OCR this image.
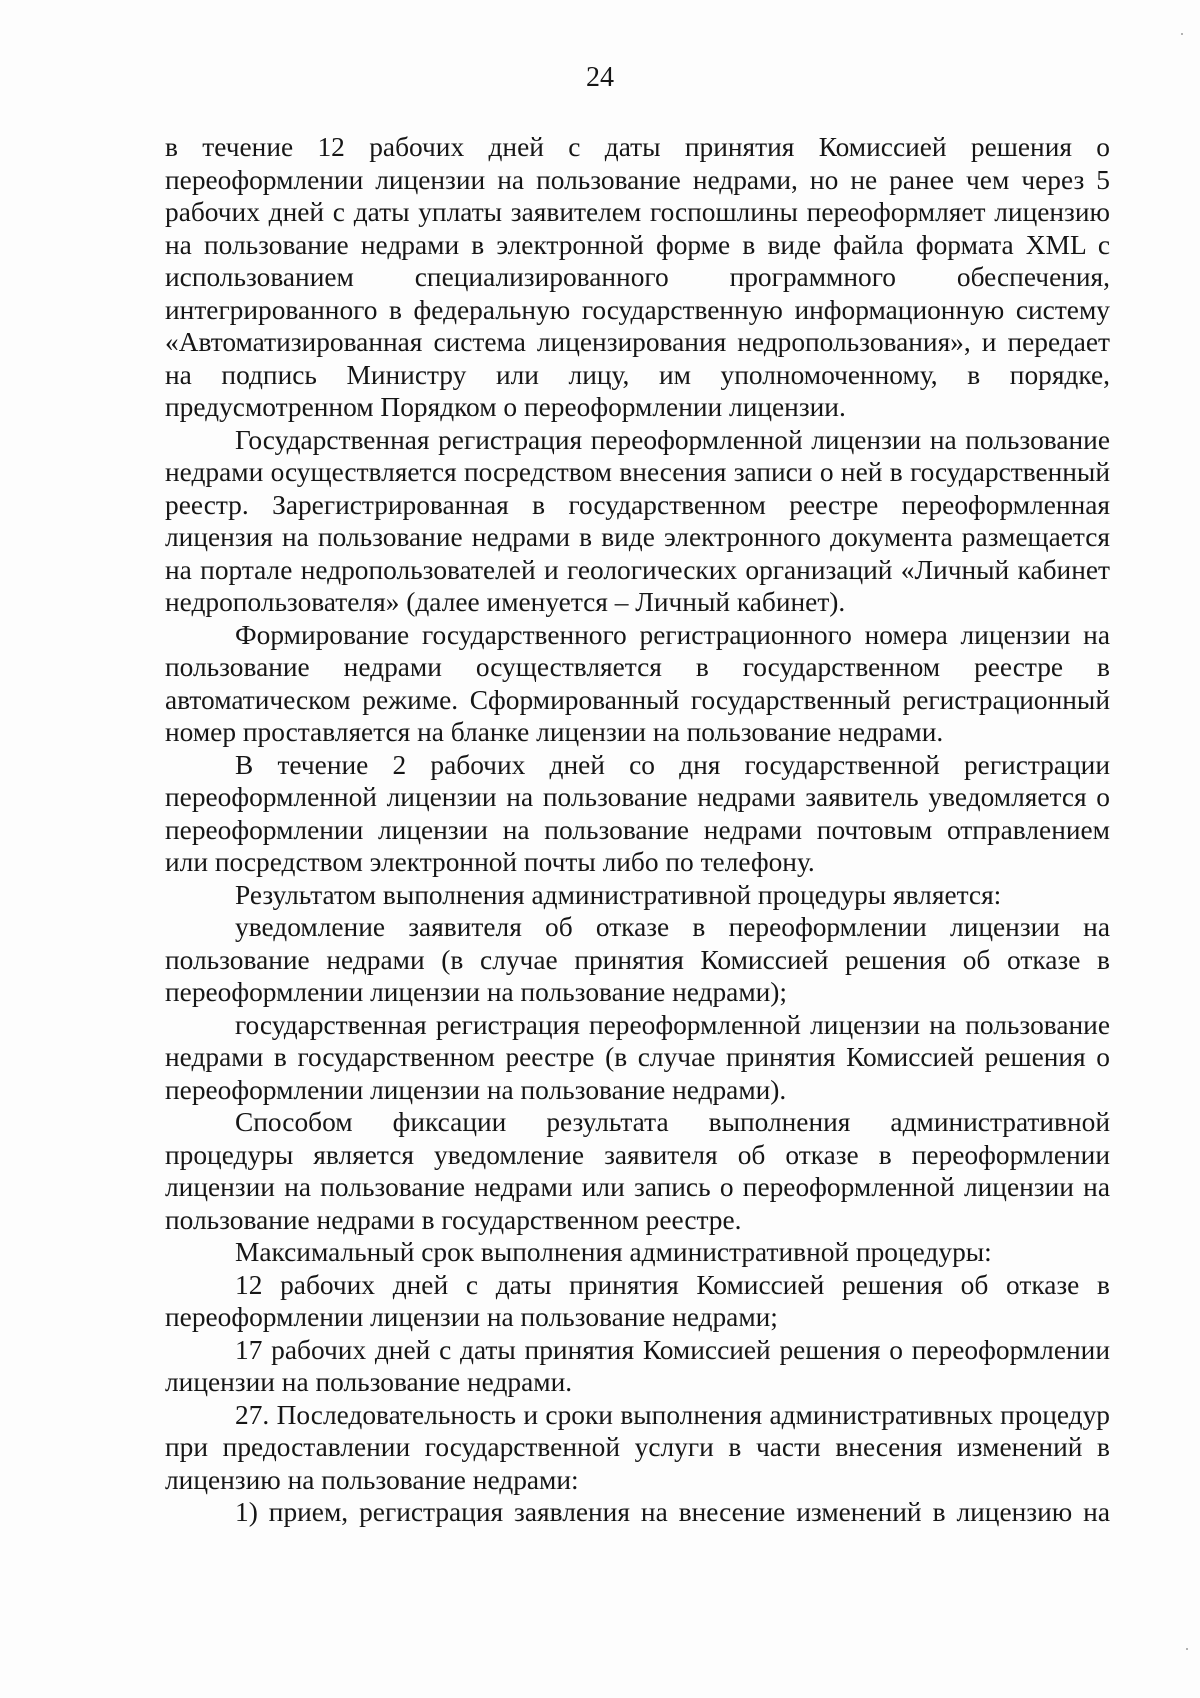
24

в течение 12 рабочих дней с даты принятия Комиссией решения о переоформлении лицензии на пользование недрами, но не ранее чем через 5 рабочих дней с даты уплаты заявителем госпошлины переоформляет лицензию на пользование недрами в электронной форме в виде файла формата XML с использованием специализированного программного обеспечения, интегрированного в федеральную государственную информационную систему «Автоматизированная система лицензирования недропользования», и передает на подпись Министру или лицу, им уполномоченному, в порядке, предусмотренном Порядком о переоформлении лицензии.

Государственная регистрация переоформленной лицензии на пользование недрами осуществляется посредством внесения записи о ней в государственный реестр. Зарегистрированная в государственном реестре переоформленная лицензия на пользование недрами в виде электронного документа размещается на портале недропользователей и геологических организаций «Личный кабинет недропользователя» (далее именуется – Личный кабинет).

Формирование государственного регистрационного номера лицензии на пользование недрами осуществляется в государственном реестре в автоматическом режиме. Сформированный государственный регистрационный номер проставляется на бланке лицензии на пользование недрами.

В течение 2 рабочих дней со дня государственной регистрации переоформленной лицензии на пользование недрами заявитель уведомляется о переоформлении лицензии на пользование недрами почтовым отправлением или посредством электронной почты либо по телефону.

Результатом выполнения административной процедуры является:

уведомление заявителя об отказе в переоформлении лицензии на пользование недрами (в случае принятия Комиссией решения об отказе в переоформлении лицензии на пользование недрами);

государственная регистрация переоформленной лицензии на пользование недрами в государственном реестре (в случае принятия Комиссией решения о переоформлении лицензии на пользование недрами).

Способом фиксации результата выполнения административной процедуры является уведомление заявителя об отказе в переоформлении лицензии на пользование недрами или запись о переоформленной лицензии на пользование недрами в государственном реестре.

Максимальный срок выполнения административной процедуры:

12 рабочих дней с даты принятия Комиссией решения об отказе в переоформлении лицензии на пользование недрами;

17 рабочих дней с даты принятия Комиссией решения о переоформлении лицензии на пользование недрами.

27. Последовательность и сроки выполнения административных процедур при предоставлении государственной услуги в части внесения изменений в лицензию на пользование недрами:

1) прием, регистрация заявления на внесение изменений в лицензию на
